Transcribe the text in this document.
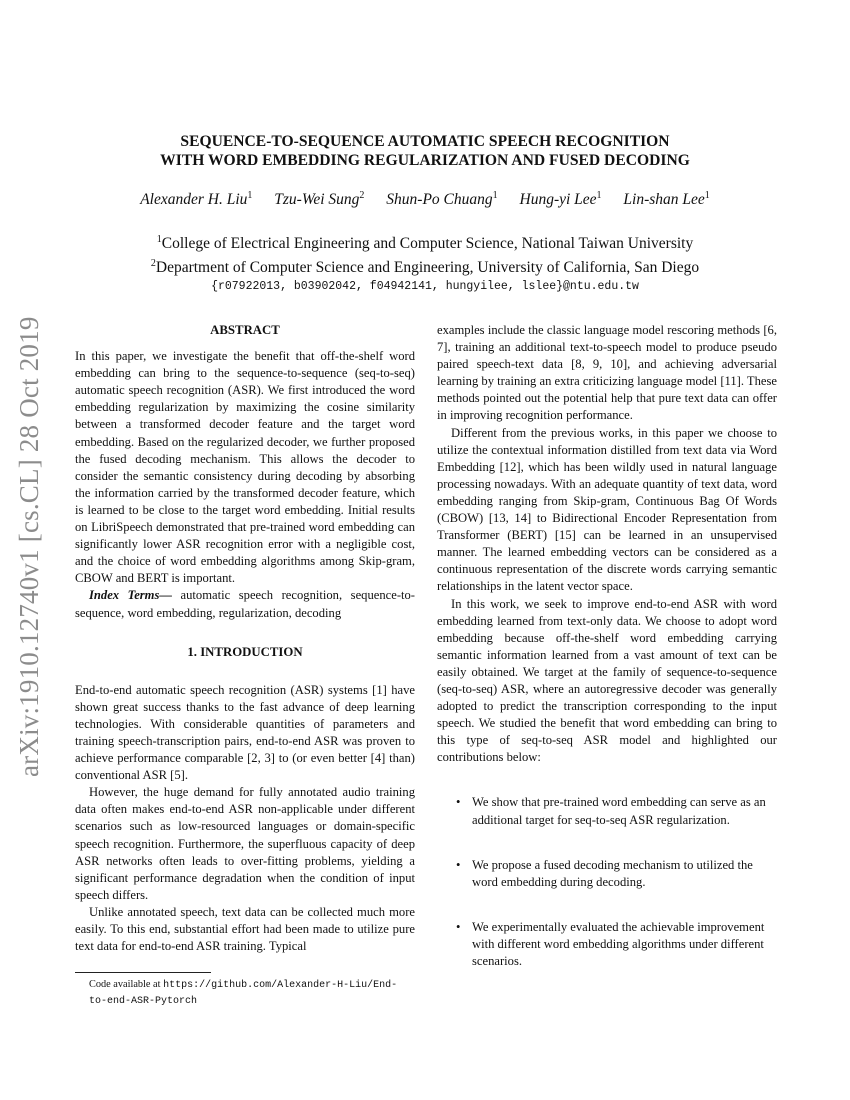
arXiv:1910.12740v1 [cs.CL] 28 Oct 2019
SEQUENCE-TO-SEQUENCE AUTOMATIC SPEECH RECOGNITION
WITH WORD EMBEDDING REGULARIZATION AND FUSED DECODING
Alexander H. Liu$^1$ Tzu-Wei Sung$^2$ Shun-Po Chuang$^1$ Hung-yi Lee$^1$ Lin-shan Lee$^1$
$^1$College of Electrical Engineering and Computer Science, National Taiwan University
$^2$Department of Computer Science and Engineering, University of California, San Diego
{r07922013, b03902042, f04942141, hungyilee, lslee}@ntu.edu.tw
ABSTRACT

In this paper, we investigate the benefit that off-the-shelf word embedding can bring to the sequence-to-sequence (seq-to-seq) automatic speech recognition (ASR). We first introduced the word embedding regularization by maximizing the cosine similarity between a transformed decoder feature and the target word embedding. Based on the regularized decoder, we further proposed the fused decoding mechanism. This allows the decoder to consider the semantic consistency during decoding by absorbing the information carried by the transformed decoder feature, which is learned to be close to the target word embedding. Initial results on LibriSpeech demonstrated that pre-trained word embedding can significantly lower ASR recognition error with a negligible cost, and the choice of word embedding algorithms among Skip-gram, CBOW and BERT is important.

Index Terms— automatic speech recognition, sequence-to-sequence, word embedding, regularization, decoding

1. INTRODUCTION

End-to-end automatic speech recognition (ASR) systems [1] have shown great success thanks to the fast advance of deep learning technologies. With considerable quantities of parameters and training speech-transcription pairs, end-to-end ASR was proven to achieve performance comparable [2, 3] to (or even better [4] than) conventional ASR [5].

However, the huge demand for fully annotated audio training data often makes end-to-end ASR non-applicable under different scenarios such as low-resourced languages or domain-specific speech recognition. Furthermore, the superfluous capacity of deep ASR networks often leads to over-fitting problems, yielding a significant performance degradation when the condition of input speech differs.

Unlike annotated speech, text data can be collected much more easily. To this end, substantial effort had been made to utilize pure text data for end-to-end ASR training. Typical

examples include the classic language model rescoring methods [6, 7], training an additional text-to-speech model to produce pseudo paired speech-text data [8, 9, 10], and achieving adversarial learning by training an extra criticizing language model [11]. These methods pointed out the potential help that pure text data can offer in improving recognition performance.

Different from the previous works, in this paper we choose to utilize the contextual information distilled from text data via Word Embedding [12], which has been wildly used in natural language processing nowadays. With an adequate quantity of text data, word embedding ranging from Skip-gram, Continuous Bag Of Words (CBOW) [13, 14] to Bidirectional Encoder Representation from Transformer (BERT) [15] can be learned in an unsupervised manner. The learned embedding vectors can be considered as a continuous representation of the discrete words carrying semantic relationships in the latent vector space.

In this work, we seek to improve end-to-end ASR with word embedding learned from text-only data. We choose to adopt word embedding because off-the-shelf word embedding carrying semantic information learned from a vast amount of text can be easily obtained. We target at the family of sequence-to-sequence (seq-to-seq) ASR, where an autoregressive decoder was generally adopted to predict the transcription corresponding to the input speech. We studied the benefit that word embedding can bring to this type of seq-to-seq ASR model and highlighted our contributions below:

• We show that pre-trained word embedding can serve as an additional target for seq-to-seq ASR regularization.
• We propose a fused decoding mechanism to utilized the word embedding during decoding.
• We experimentally evaluated the achievable improvement with different word embedding algorithms under different scenarios.
Code available at https://github.com/Alexander-H-Liu/End-to-end-ASR-Pytorch
